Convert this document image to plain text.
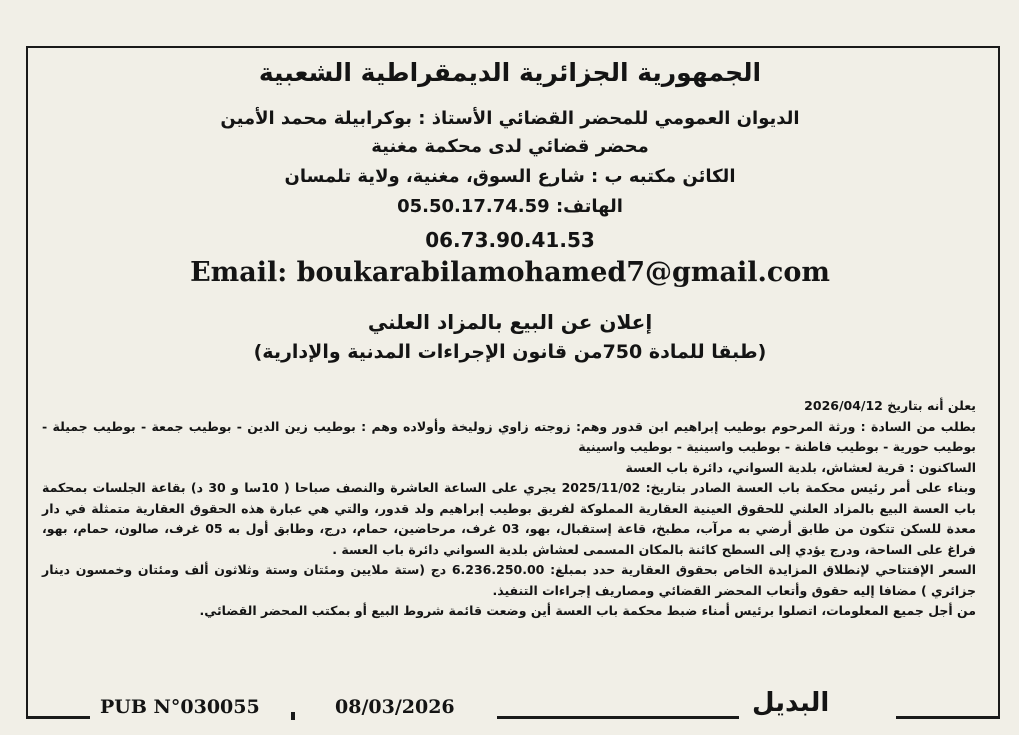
الجمهورية الجزائرية الديمقراطية الشعبية
الديوان العمومي للمحضر القضائي الأستاذ : بوكرابيلة محمد الأمين
محضر قضائي لدى محكمة مغنية
الكائن مكتبه ب : شارع السوق، مغنية، ولاية تلمسان
الهاتف: 05.50.17.74.59
06.73.90.41.53
Email: boukarabilamohamed7@gmail.com
إعلان عن البيع بالمزاد العلني
(طبقا للمادة 750من قانون الإجراءات المدنية والإدارية)

يعلن أنه بتاريخ 2026/04/12

بطلب من السادة : ورثة المرحوم بوطيب إبراهيم ابن قدور وهم: زوجته زاوي زوليخة وأولاده وهم : بوطيب زين الدين - بوطيب جمعة - بوطيب جميلة - بوطيب حورية - بوطيب فاطنة - بوطيب واسينية - بوطيب واسينية

الساكنون : قرية لعشاش، بلدية السواني، دائرة باب العسة

وبناء على أمر رئيس محكمة باب العسة الصادر بتاريخ: 2025/11/02 يجري على الساعة العاشرة والنصف صباحا ( 10سا و 30 د) بقاعة الجلسات بمحكمة باب العسة البيع بالمزاد العلني للحقوق العينية العقارية المملوكة لفريق بوطيب إبراهيم ولد قدور، والتي هي عبارة هذه الحقوق العقارية متمثلة في دار معدة للسكن تتكون من طابق أرضي به مرآب، مطبخ، قاعة إستقبال، بهو، 03 غرف، مرحاضين، حمام، درج، وطابق أول به 05 غرف، صالون، حمام، بهو، فراغ على الساحة، ودرج يؤدي إلى السطح كائنة بالمكان المسمى لعشاش بلدية السواني دائرة باب العسة .

السعر الإفتتاحي لإنطلاق المزايدة الخاص بحقوق العقارية حدد بمبلغ: 6.236.250.00 دج (ستة ملايين ومئتان وستة وثلاثون ألف ومئتان وخمسون دينار جزائري ) مضافا إليه حقوق وأتعاب المحضر القضائي ومصاريف إجراءات التنفيذ.

من أجل جميع المعلومات، اتصلوا برئيس أمناء ضبط محكمة باب العسة أين وضعت قائمة شروط البيع أو بمكتب المحضر القضائي.

PUB N°030055	08/03/2026	البديل
